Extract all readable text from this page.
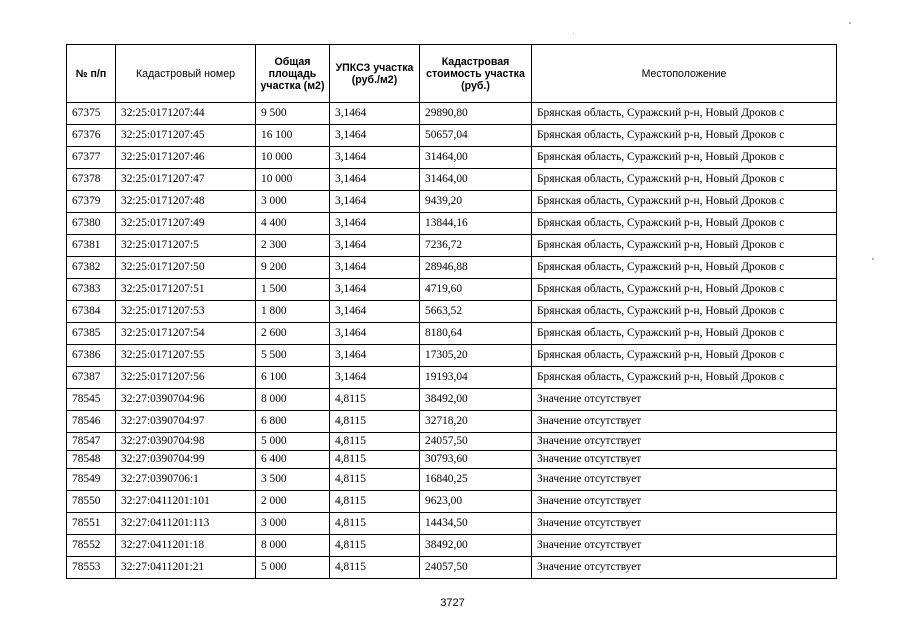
№ п/п	Кадастровый номер	Общая площадь участка (м2)	УПКСЗ участка (руб./м2)	Кадастровая стоимость участка (руб.)	Местоположение
67375	32:25:0171207:44	9 500	3,1464	29890,80	Брянская область, Суражский р-н, Новый Дроков с
67376	32:25:0171207:45	16 100	3,1464	50657,04	Брянская область, Суражский р-н, Новый Дроков с
67377	32:25:0171207:46	10 000	3,1464	31464,00	Брянская область, Суражский р-н, Новый Дроков с
67378	32:25:0171207:47	10 000	3,1464	31464,00	Брянская область, Суражский р-н, Новый Дроков с
67379	32:25:0171207:48	3 000	3,1464	9439,20	Брянская область, Суражский р-н, Новый Дроков с
67380	32:25:0171207:49	4 400	3,1464	13844,16	Брянская область, Суражский р-н, Новый Дроков с
67381	32:25:0171207:5	2 300	3,1464	7236,72	Брянская область, Суражский р-н, Новый Дроков с
67382	32:25:0171207:50	9 200	3,1464	28946,88	Брянская область, Суражский р-н, Новый Дроков с
67383	32:25:0171207:51	1 500	3,1464	4719,60	Брянская область, Суражский р-н, Новый Дроков с
67384	32:25:0171207:53	1 800	3,1464	5663,52	Брянская область, Суражский р-н, Новый Дроков с
67385	32:25:0171207:54	2 600	3,1464	8180,64	Брянская область, Суражский р-н, Новый Дроков с
67386	32:25:0171207:55	5 500	3,1464	17305,20	Брянская область, Суражский р-н, Новый Дроков с
67387	32:25:0171207:56	6 100	3,1464	19193,04	Брянская область, Суражский р-н, Новый Дроков с
78545	32:27:0390704:96	8 000	4,8115	38492,00	Значение отсутствует
78546	32:27:0390704:97	6 800	4,8115	32718,20	Значение отсутствует
78547	32:27:0390704:98	5 000	4,8115	24057,50	Значение отсутствует
78548	32:27:0390704:99	6 400	4,8115	30793,60	Значение отсутствует
78549	32:27:0390706:1	3 500	4,8115	16840,25	Значение отсутствует
78550	32:27:0411201:101	2 000	4,8115	9623,00	Значение отсутствует
78551	32:27:0411201:113	3 000	4,8115	14434,50	Значение отсутствует
78552	32:27:0411201:18	8 000	4,8115	38492,00	Значение отсутствует
78553	32:27:0411201:21	5 000	4,8115	24057,50	Значение отсутствует
3727
